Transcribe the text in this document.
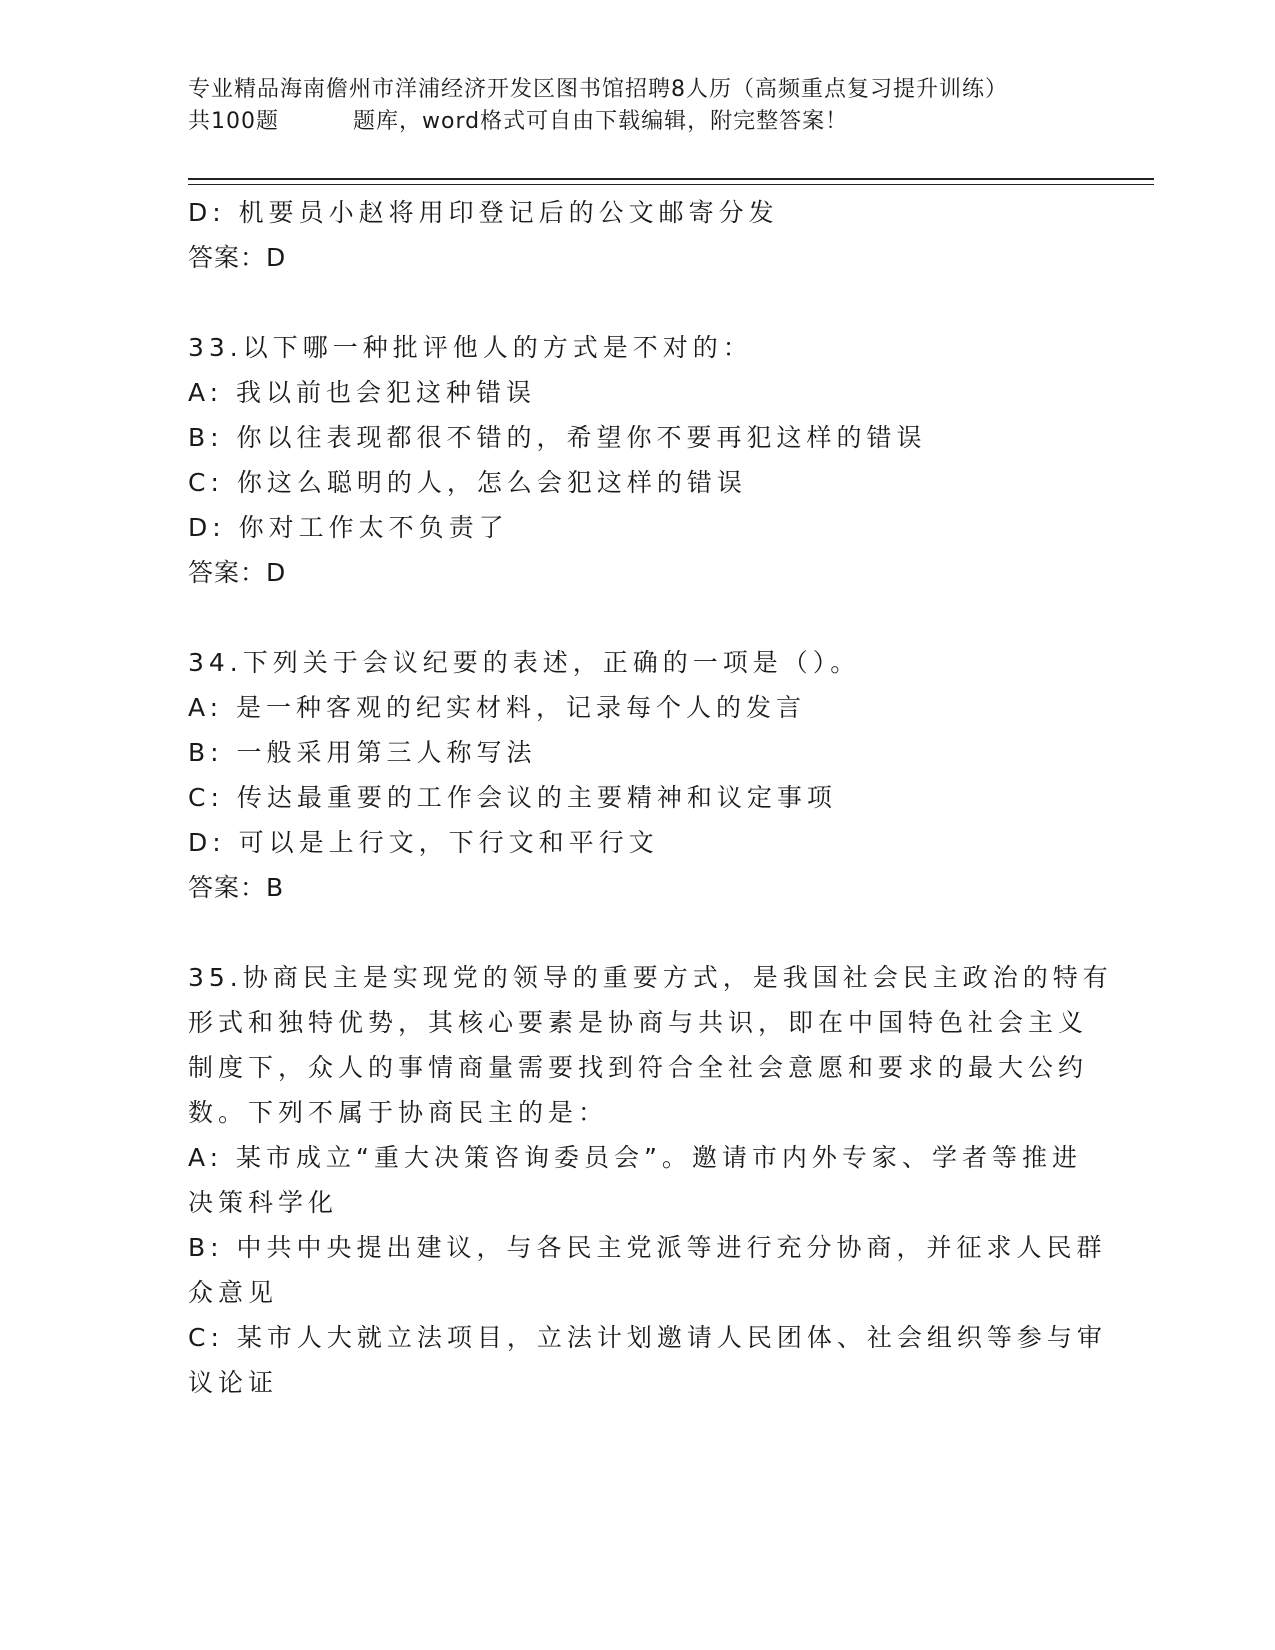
专业精品海南儋州市洋浦经济开发区图书馆招聘8人历（高频重点复习提升训练）
共100题	题库，word格式可自由下载编辑，附完整答案！
D: 机要员小赵将用印登记后的公文邮寄分发
答案：D
33.以下哪一种批评他人的方式是不对的：
A: 我以前也会犯这种错误
B: 你以往表现都很不错的，希望你不要再犯这样的错误
C: 你这么聪明的人，怎么会犯这样的错误
D: 你对工作太不负责了
答案：D
34.下列关于会议纪要的表述，正确的一项是（）。
A: 是一种客观的纪实材料，记录每个人的发言
B: 一般采用第三人称写法
C: 传达最重要的工作会议的主要精神和议定事项
D: 可以是上行文，下行文和平行文
答案：B
35.协商民主是实现党的领导的重要方式，是我国社会民主政治的特有
形式和独特优势，其核心要素是协商与共识，即在中国特色社会主义
制度下，众人的事情商量需要找到符合全社会意愿和要求的最大公约
数。下列不属于协商民主的是：
A: 某市成立“重大决策咨询委员会”。邀请市内外专家、学者等推进
决策科学化
B: 中共中央提出建议，与各民主党派等进行充分协商，并征求人民群
众意见
C: 某市人大就立法项目，立法计划邀请人民团体、社会组织等参与审
议论证
